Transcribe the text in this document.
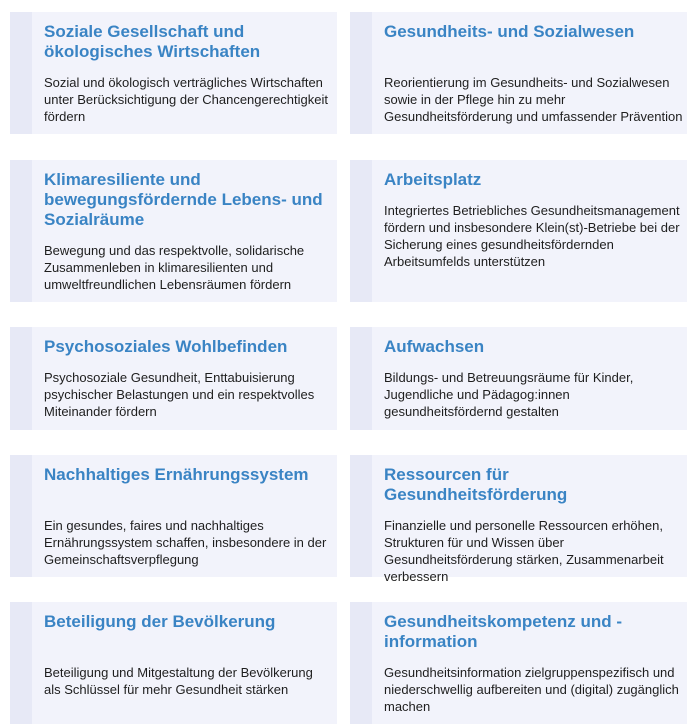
Soziale Gesellschaft und ökologisches Wirtschaften

Sozial und ökologisch verträgliches Wirtschaften unter Berücksichtigung der Chancengerechtigkeit fördern

Gesundheits- und Sozialwesen

Reorientierung im Gesundheits- und Sozialwesen sowie in der Pflege hin zu mehr Gesundheitsförderung und umfassender Prävention

Klimaresiliente und bewegungsfördernde Lebens- und Sozialräume

Bewegung und das respektvolle, solidarische Zusammenleben in klimaresilienten und umweltfreundlichen Lebensräumen fördern

Arbeitsplatz

Integriertes Betriebliches Gesundheitsmanagement fördern und insbesondere Klein(st)-Betriebe bei der Sicherung eines gesundheitsfördernden Arbeitsumfelds unterstützen

Psychosoziales Wohlbefinden

Psychosoziale Gesundheit, Enttabuisierung psychischer Belastungen und ein respektvolles Miteinander fördern

Aufwachsen

Bildungs- und Betreuungsräume für Kinder, Jugendliche und Pädagog:innen gesundheitsfördernd gestalten

Nachhaltiges Ernährungssystem

Ein gesundes, faires und nachhaltiges Ernährungssystem schaffen, insbesondere in der Gemeinschaftsverpflegung

Ressourcen für Gesundheitsförderung

Finanzielle und personelle Ressourcen erhöhen, Strukturen für und Wissen über Gesundheitsförderung stärken, Zusammenarbeit verbessern

Beteiligung der Bevölkerung

Beteiligung und Mitgestaltung der Bevölkerung als Schlüssel für mehr Gesundheit stärken

Gesundheitskompetenz und -information

Gesundheitsinformation zielgruppenspezifisch und niederschwellig aufbereiten und (digital) zugänglich machen
